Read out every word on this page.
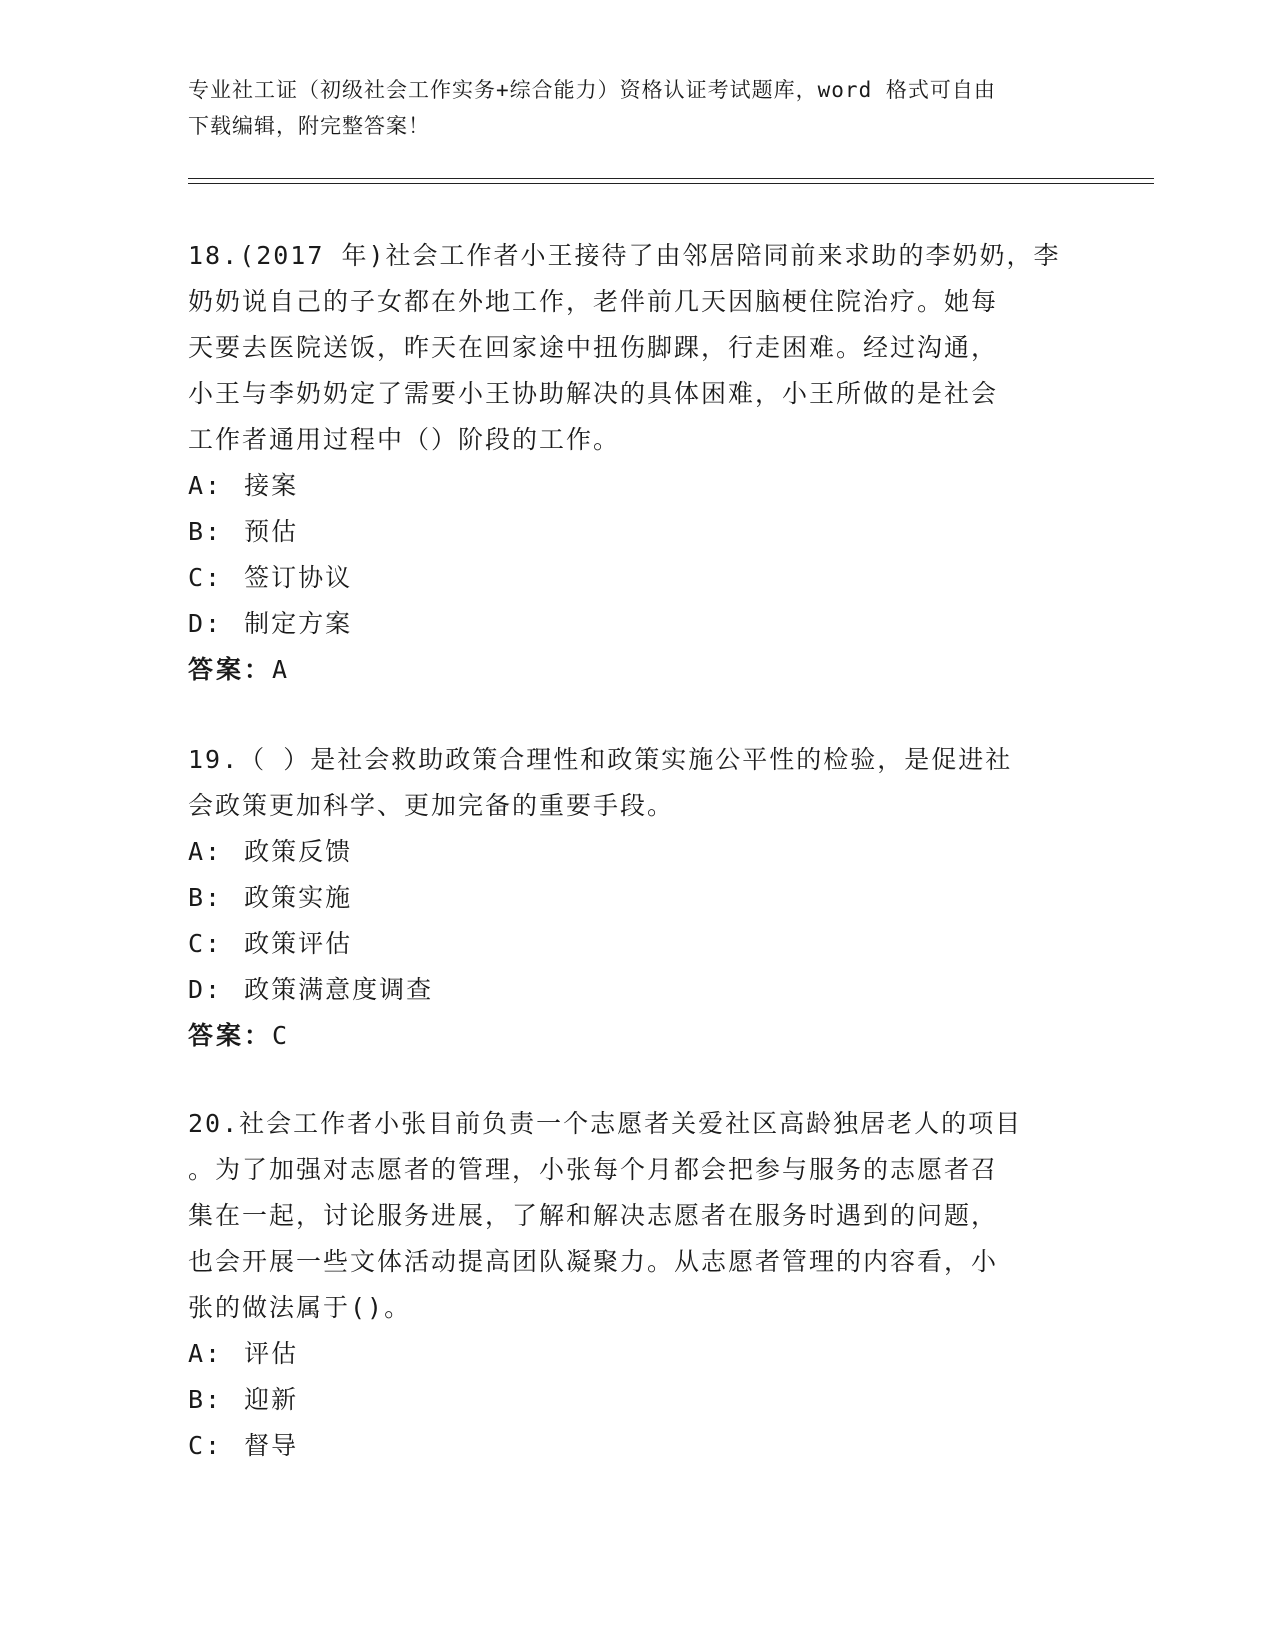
专业社工证（初级社会工作实务+综合能力）资格认证考试题库，word 格式可自由
下载编辑，附完整答案！
18.(2017 年)社会工作者小王接待了由邻居陪同前来求助的李奶奶，李
奶奶说自己的子女都在外地工作，老伴前几天因脑梗住院治疗。她每
天要去医院送饭，昨天在回家途中扭伤脚踝，行走困难。经过沟通，
小王与李奶奶定了需要小王协助解决的具体困难，小王所做的是社会
工作者通用过程中（）阶段的工作。
A: 接案
B: 预估
C: 签订协议
D: 制定方案
答案：A
19.（ ）是社会救助政策合理性和政策实施公平性的检验，是促进社
会政策更加科学、更加完备的重要手段。
A: 政策反馈
B: 政策实施
C: 政策评估
D: 政策满意度调查
答案：C
20.社会工作者小张目前负责一个志愿者关爱社区高龄独居老人的项目
。为了加强对志愿者的管理，小张每个月都会把参与服务的志愿者召
集在一起，讨论服务进展，了解和解决志愿者在服务时遇到的问题，
也会开展一些文体活动提高团队凝聚力。从志愿者管理的内容看，小
张的做法属于()。
A: 评估
B: 迎新
C: 督导
